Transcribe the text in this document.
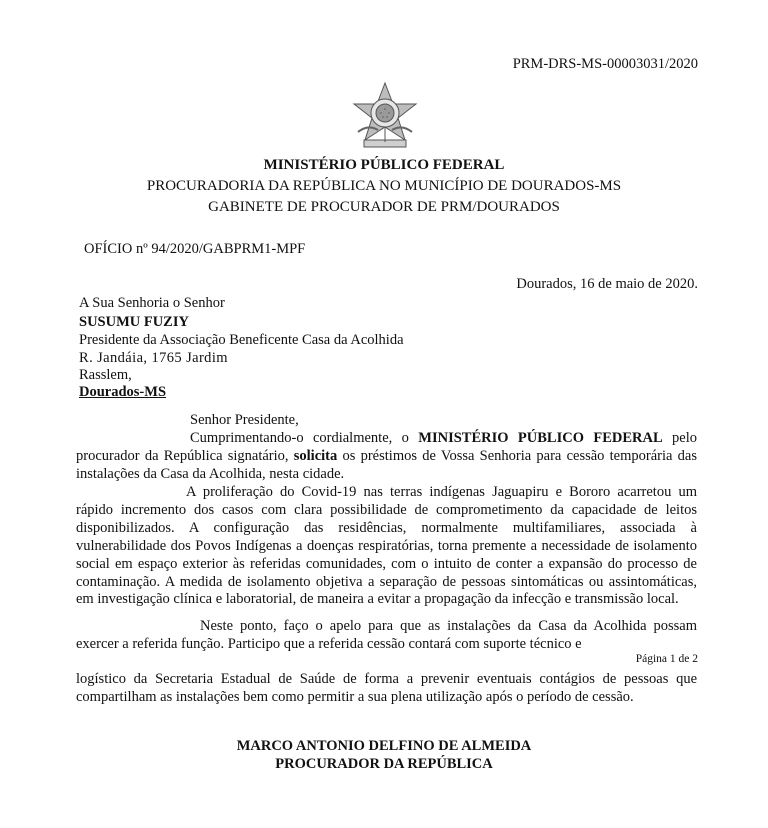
PRM-DRS-MS-00003031/2020
MINISTÉRIO PÚBLICO FEDERAL
PROCURADORIA DA REPÚBLICA NO MUNICÍPIO DE DOURADOS-MS
GABINETE DE PROCURADOR DE PRM/DOURADOS
OFÍCIO nº 94/2020/GABPRM1-MPF
Dourados, 16 de maio de 2020.
A Sua Senhoria o Senhor
SUSUMU FUZIY
Presidente da Associação Beneficente Casa da Acolhida
R. Jandáia, 1765 Jardim
Rasslem,
Dourados-MS
Senhor Presidente,
Cumprimentando-o cordialmente, o MINISTÉRIO PÚBLICO FEDERAL pelo procurador da República signatário, solicita os préstimos de Vossa Senhoria para cessão temporária das instalações da Casa da Acolhida, nesta cidade.
A proliferação do Covid-19 nas terras indígenas Jaguapiru e Bororo acarretou um rápido incremento dos casos com clara possibilidade de comprometimento da capacidade de leitos disponibilizados. A configuração das residências, normalmente multifamiliares, associada à vulnerabilidade dos Povos Indígenas a doenças respiratórias, torna premente a necessidade de isolamento social em espaço exterior às referidas comunidades, com o intuito de conter a expansão do processo de contaminação. A medida de isolamento objetiva a separação de pessoas sintomáticas ou assintomáticas, em investigação clínica e laboratorial, de maneira a evitar a propagação da infecção e transmissão local.
Neste ponto, faço o apelo para que as instalações da Casa da Acolhida possam exercer a referida função. Participo que a referida cessão contará com suporte técnico e
Página 1 de 2
logístico da Secretaria Estadual de Saúde de forma a prevenir eventuais contágios de pessoas que compartilham as instalações bem como permitir a sua plena utilização após o período de cessão.
MARCO ANTONIO DELFINO DE ALMEIDA
PROCURADOR DA REPÚBLICA
